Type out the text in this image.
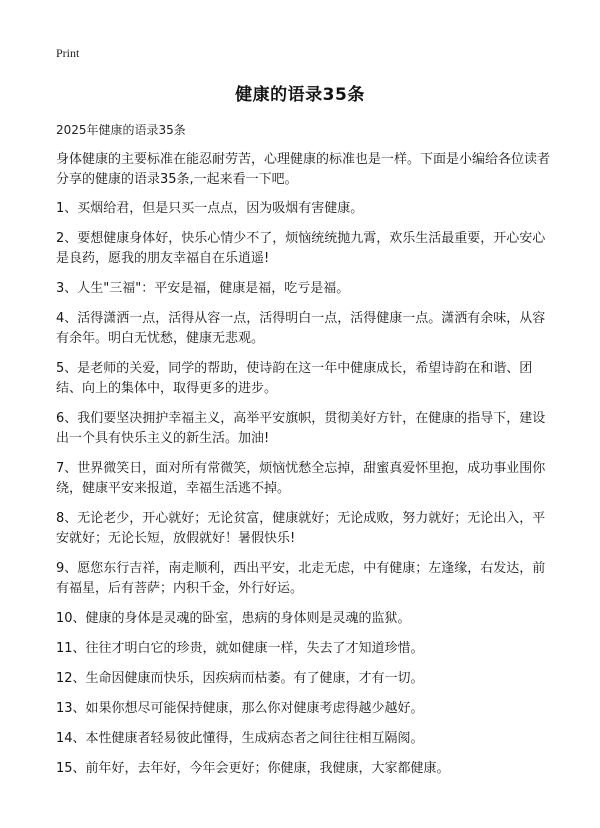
Print
健康的语录35条
2025年健康的语录35条

身体健康的主要标准在能忍耐劳苦，心理健康的标准也是一样。下面是小编给各位读者分享的健康的语录35条,一起来看一下吧。

1、买烟给君，但是只买一点点，因为吸烟有害健康。

2、要想健康身体好，快乐心情少不了，烦恼统统抛九霄，欢乐生活最重要，开心安心是良药，愿我的朋友幸福自在乐逍遥!

3、人生"三福"：平安是福，健康是福，吃亏是福。

4、活得潇洒一点，活得从容一点，活得明白一点，活得健康一点。潇洒有余味，从容有余年。明白无忧愁，健康无悲观。

5、是老师的关爱，同学的帮助，使诗韵在这一年中健康成长，希望诗韵在和谐、团结、向上的集体中，取得更多的进步。

6、我们要坚决拥护幸福主义，高举平安旗帜，贯彻美好方针，在健康的指导下，建设出一个具有快乐主义的新生活。加油!

7、世界微笑日，面对所有常微笑，烦恼忧愁全忘掉，甜蜜真爱怀里抱，成功事业围你绕，健康平安来报道，幸福生活逃不掉。

8、无论老少，开心就好；无论贫富，健康就好；无论成败，努力就好；无论出入，平安就好；无论长短，放假就好！暑假快乐!

9、愿您东行吉祥，南走顺利，西出平安，北走无虑，中有健康；左逢缘，右发达，前有福星，后有菩萨；内积千金，外行好运。

10、健康的身体是灵魂的卧室，患病的身体则是灵魂的监狱。

11、往往才明白它的珍贵，就如健康一样，失去了才知道珍惜。

12、生命因健康而快乐，因疾病而枯萎。有了健康，才有一切。

13、如果你想尽可能保持健康，那么你对健康考虑得越少越好。

14、本性健康者轻易彼此懂得，生成病态者之间往往相互隔阂。

15、前年好，去年好，今年会更好；你健康，我健康，大家都健康。
